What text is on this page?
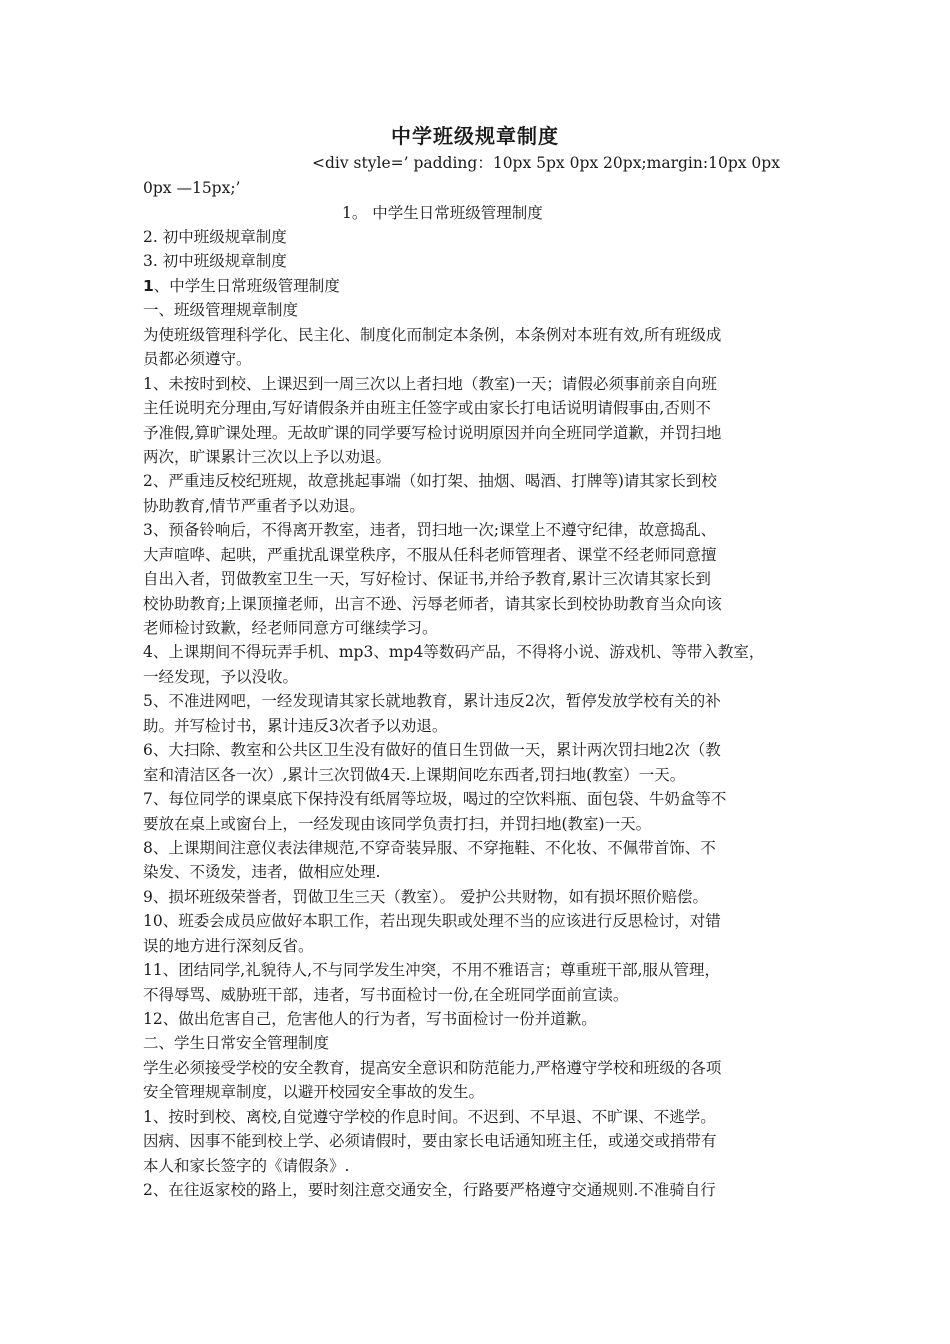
中学班级规章制度
<div style=’ padding：10px 5px 0px 20px;margin:10px 0px
0px —15px;’
1。 中学生日常班级管理制度
2. 初中班级规章制度
3. 初中班级规章制度
1、中学生日常班级管理制度
一、班级管理规章制度
为使班级管理科学化、民主化、制度化而制定本条例，本条例对本班有效,所有班级成
员都必须遵守。
1、未按时到校、上课迟到一周三次以上者扫地（教室)一天；请假必须事前亲自向班
主任说明充分理由,写好请假条并由班主任签字或由家长打电话说明请假事由,否则不
予准假,算旷课处理。无故旷课的同学要写检讨说明原因并向全班同学道歉，并罚扫地
两次，旷课累计三次以上予以劝退。
2、严重违反校纪班规，故意挑起事端（如打架、抽烟、喝酒、打牌等)请其家长到校
协助教育,情节严重者予以劝退。
3、预备铃响后，不得离开教室，违者，罚扫地一次;课堂上不遵守纪律，故意捣乱、
大声喧哗、起哄，严重扰乱课堂秩序，不服从任科老师管理者、课堂不经老师同意擅
自出入者，罚做教室卫生一天，写好检讨、保证书,并给予教育,累计三次请其家长到
校协助教育;上课顶撞老师，出言不逊、污辱老师者，请其家长到校协助教育当众向该
老师检讨致歉，经老师同意方可继续学习。
4、上课期间不得玩弄手机、mp3、mp4等数码产品，不得将小说、游戏机、等带入教室，
一经发现，予以没收。
5、不准进网吧，一经发现请其家长就地教育，累计违反2次，暂停发放学校有关的补
助。并写检讨书，累计违反3次者予以劝退。
6、大扫除、教室和公共区卫生没有做好的值日生罚做一天，累计两次罚扫地2次（教
室和清洁区各一次）,累计三次罚做4天.上课期间吃东西者,罚扫地(教室）一天。
7、每位同学的课桌底下保持没有纸屑等垃圾，喝过的空饮料瓶、面包袋、牛奶盒等不
要放在桌上或窗台上，一经发现由该同学负责打扫，并罚扫地(教室)一天。
8、上课期间注意仪表法律规范,不穿奇装异服、不穿拖鞋、不化妆、不佩带首饰、不
染发、不烫发，违者，做相应处理.
9、损坏班级荣誉者，罚做卫生三天（教室）。 爱护公共财物，如有损坏照价赔偿。
10、班委会成员应做好本职工作，若出现失职或处理不当的应该进行反思检讨，对错
误的地方进行深刻反省。
11、团结同学,礼貌待人,不与同学发生冲突，不用不雅语言；尊重班干部,服从管理，
不得辱骂、威胁班干部，违者，写书面检讨一份,在全班同学面前宣读。
12、做出危害自己，危害他人的行为者，写书面检讨一份并道歉。
二、学生日常安全管理制度
学生必须接受学校的安全教育，提高安全意识和防范能力,严格遵守学校和班级的各项
安全管理规章制度，以避开校园安全事故的发生。
1、按时到校、离校,自觉遵守学校的作息时间。不迟到、不早退、不旷课、不逃学。
因病、因事不能到校上学、必须请假时，要由家长电话通知班主任，或递交或捎带有
本人和家长签字的《请假条》.
2、在往返家校的路上，要时刻注意交通安全，行路要严格遵守交通规则.不准骑自行
